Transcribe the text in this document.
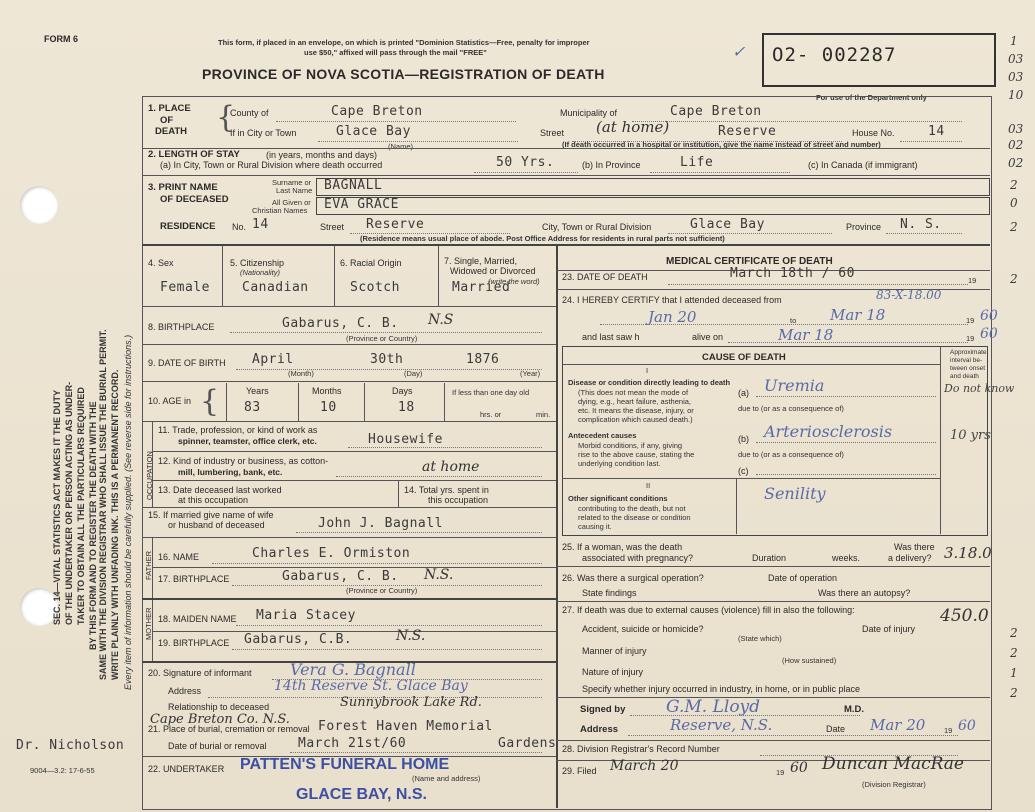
FORM 6	This form, if placed in an envelope, on which is printed "Dominion Statistics—Free, penalty for improper
use $50," affixed will pass through the mail "FREE"	✓
PROVINCE OF NOVA SCOTIA—REGISTRATION OF DEATH
O2- 002287
For use of the Department only
SEC. 14—VITAL STATISTICS ACT MAKES IT THE DUTY OF THE UNDERTAKER OR PERSON ACTING AS UNDER- TAKER TO OBTAIN ALL THE PARTICULARS REQUIRED BY THIS FORM AND TO REGISTER THE DEATH WITH THE SAME WITH THE DIVISION REGISTRAR WHO SHALL ISSUE THE BURIAL PERMIT. WRITE PLAINLY WITH UNFADING INK. THIS IS A PERMANENT RECORD. Every item of information should be carefully supplied. (See reverse side for instructions.)
1. PLACE
OF
DEATH {
County of	Cape Breton	Municipality of	Cape Breton
If in City or Town	Glace Bay
(Name)
Street (at home)	Reserve	House No.	14
(If death occurred in a hospital or institution, give the name instead of street and number)
2. LENGTH OF STAY	(in years, months and days)
(a) In City, Town or Rural Division where death occurred	50 Yrs.	(b) In Province	Life	(c) In Canada (if immigrant)
3. PRINT NAME
OF DECEASED
Surname or
Last Name BAGNALL
All Given or
Christian Names EVA GRACE
RESIDENCE No. 14	Street Reserve	City, Town or Rural Division	Glace Bay	Province N. S.
(Residence means usual place of abode. Post Office Address for residents in rural parts not sufficient)
4. Sex
Female
5. Citizenship
(Nationality)
Canadian
6. Racial Origin
Scotch
7. Single, Married,
Widowed or Divorced
(write the word)
Married
8. BIRTHPLACE	Gabarus, C. B. N.S
(Province or Country)
9. DATE OF BIRTH April	30th	1876
(Month)	(Day)	(Year)
10. AGE in {	Years	Months	Days	If less than one day old
83	10	18	hrs. or	min.
OCCUPATION
11. Trade, profession, or kind of work as
spinner, teamster, office clerk, etc.	Housewife
12. Kind of industry or business, as cotton-
mill, lumbering, bank, etc.	at home
13. Date deceased last worked
at this occupation
14. Total yrs. spent in
this occupation
15. If married give name of wife
or husband of deceased	John J. Bagnall
FATHER
MOTHER
16. NAME	Charles E. Ormiston
17. BIRTHPLACE	Gabarus, C. B. N.S.
(Province or Country)
18. MAIDEN NAME Maria Stacey
19. BIRTHPLACE Gabarus, C.B.	N.S.
20. Signature of informant Vera G. Bagnall
Address	14th Reserve St. Glace Bay
Sunnybrook Lake Rd.
Relationship to deceased
Cape Breton Co. N.S.
21. Place of burial, cremation or removal Forest Haven Memorial
Date of burial or removal March 21st/60	Gardens
22. UNDERTAKER PATTEN'S FUNERAL HOME
(Name and address)
GLACE BAY, N.S.
Dr. Nicholson
9004—3.2: 17-6-55
MEDICAL CERTIFICATE OF DEATH
23. DATE OF DEATH	March 18th / 60	19
24. I HEREBY CERTIFY that I attended deceased from	83-X-18.00
Jan 20	to Mar 18	19 60
and last saw h	alive on	Mar 18	19 60
CAUSE OF DEATH	Approximate
interval be-
tween onset
and death
I
Disease or condition directly leading to death
(This does not mean the mode of
dying, e.g., heart failure, asthenia,
etc. It means the disease, injury, or
complication which caused death.)
(a) Uremia	Do not know
due to (or as a consequence of)
Antecedent causes
Morbid conditions, if any, giving
rise to the above cause, stating the
underlying condition last.
(b) Arteriosclerosis	10 yrs
due to (or as a consequence of)
(c)
II
Other significant conditions
contributing to the death, but not
related to the disease or condition
causing it.
Senility
25. If a woman, was the death
associated with pregnancy?	Duration	weeks.
Was there
a delivery? 3.18.0
26. Was there a surgical operation?	Date of operation
State findings	Was there an autopsy?
27. If death was due to external causes (violence) fill in also the following:	450.0
Accident, suicide or homicide?	Date of injury
(State which)
Manner of injury
(How sustained)
Nature of injury
Specify whether injury occurred in industry, in home, or in public place
Signed by G.M. Lloyd	M.D.
Address	Reserve, N.S.	Date Mar 20 19 60
28. Division Registrar's Record Number
29. Filed March 20	19 60 Duncan MacRae
(Division Registrar)
1
03
03
10
03
02
02
2
0
2
2
2
2
1
2
